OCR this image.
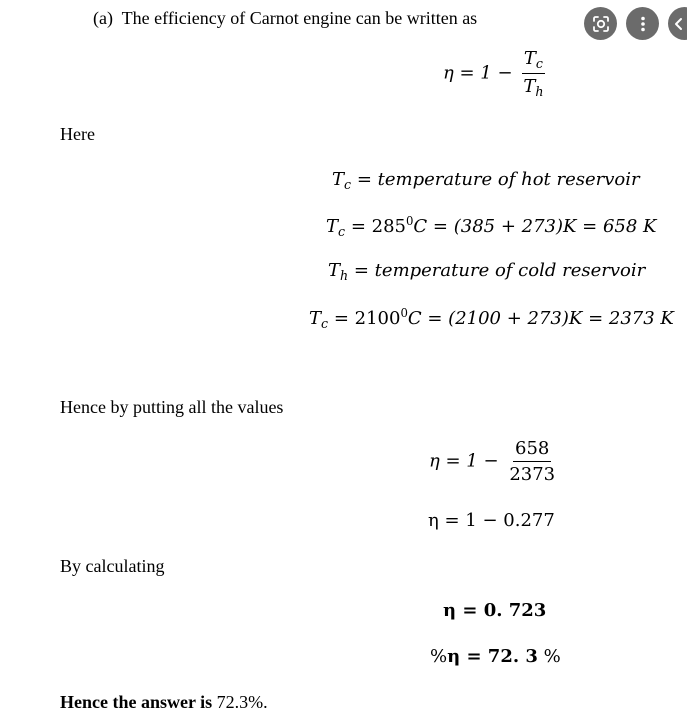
(a) The efficiency of Carnot engine can be written as
$\eta = 1 - \frac{T_c}{T_h}$
Here
$T_c$ = temperature of hot reservoir
$T_c = 285^0C = (385 + 273)K = 658$ K
$T_h$ = temperature of cold reservoir
$T_c = 2100^0C = (2100 + 273)K = 2373$ K
Hence by putting all the values
$\eta = 1 - \frac{658}{2373}$
η = 1 − 0.277
By calculating
η = 0. 723
%η = 72. 3 %
Hence the answer is 72.3%.
